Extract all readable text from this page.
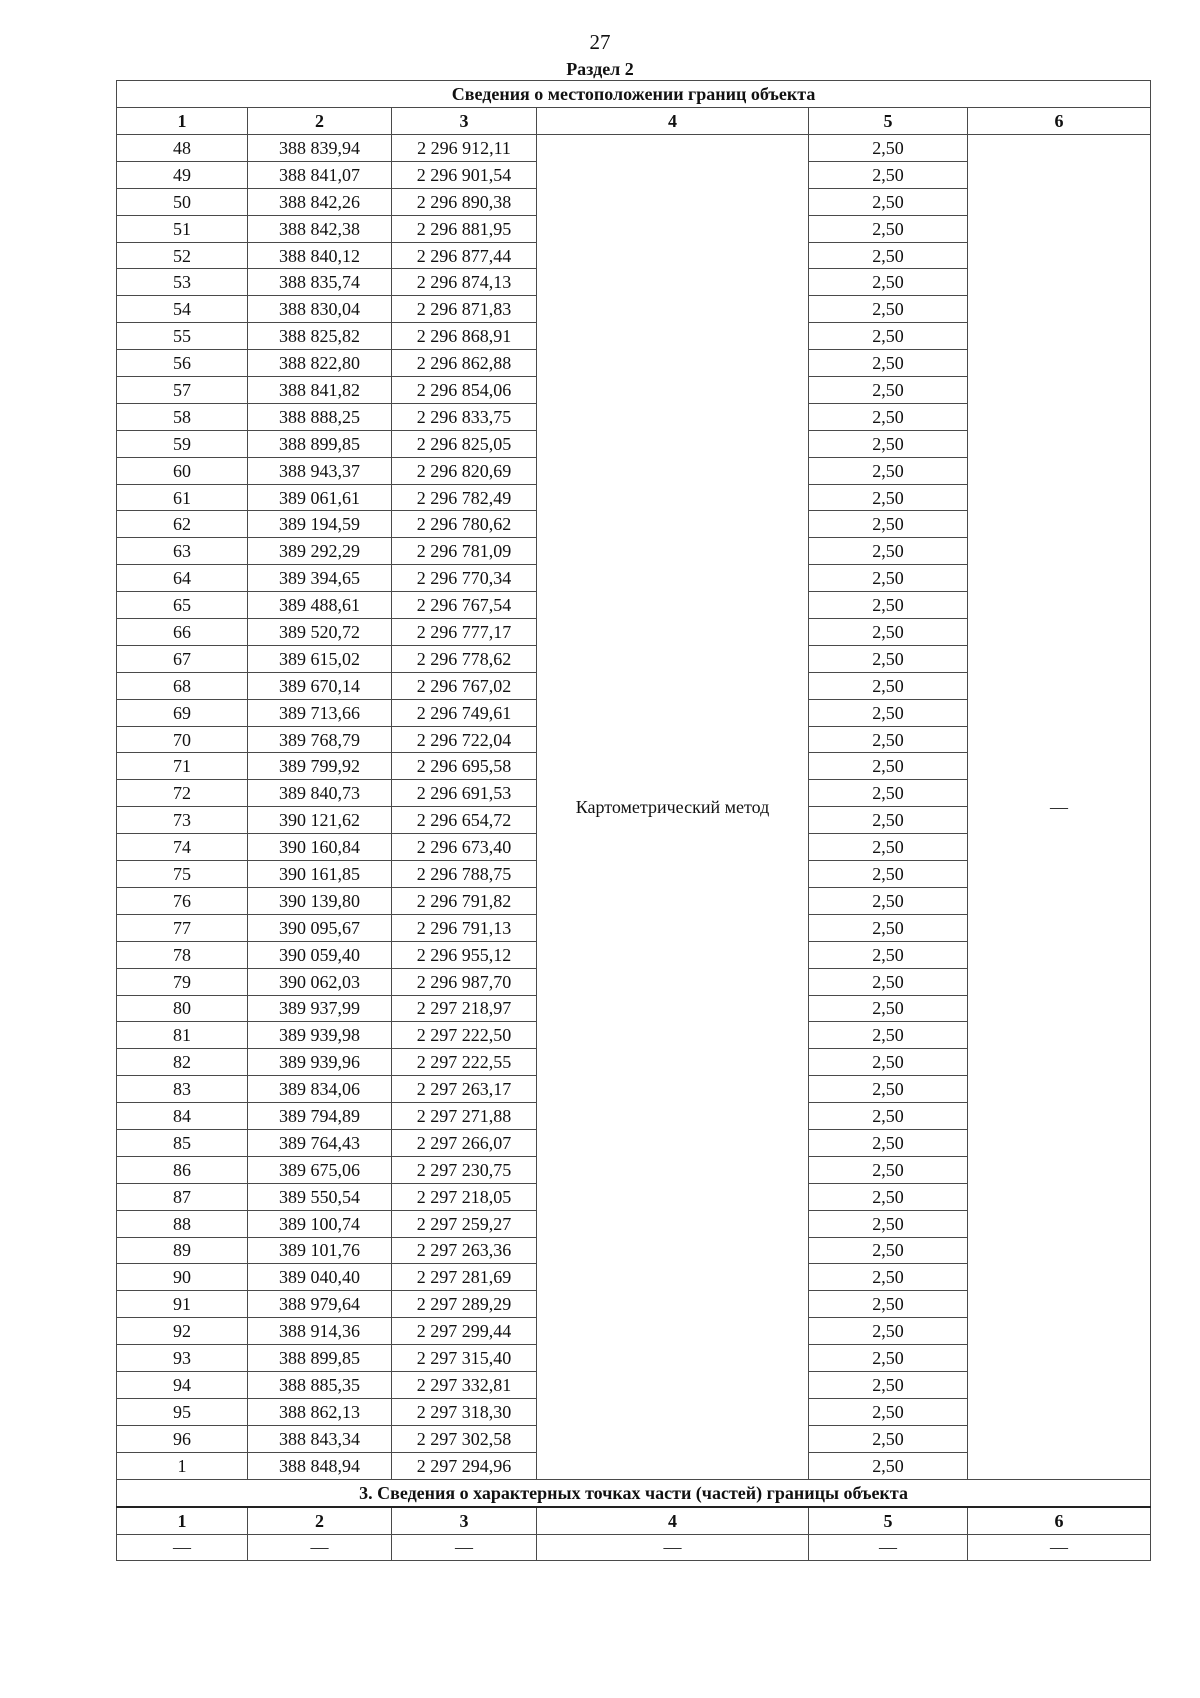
27
Раздел 2
Сведения о местоположении границ объекта					
1	2	3	4	5	6
48	388 839,94	2 296 912,11	Картометрический метод	2,50	—
49	388 841,07	2 296 901,54		2,50	
50	388 842,26	2 296 890,38		2,50	
51	388 842,38	2 296 881,95		2,50	
52	388 840,12	2 296 877,44		2,50	
53	388 835,74	2 296 874,13		2,50	
54	388 830,04	2 296 871,83		2,50	
55	388 825,82	2 296 868,91		2,50	
56	388 822,80	2 296 862,88		2,50	
57	388 841,82	2 296 854,06		2,50	
58	388 888,25	2 296 833,75		2,50	
59	388 899,85	2 296 825,05		2,50	
60	388 943,37	2 296 820,69		2,50	
61	389 061,61	2 296 782,49		2,50	
62	389 194,59	2 296 780,62		2,50	
63	389 292,29	2 296 781,09		2,50	
64	389 394,65	2 296 770,34		2,50	
65	389 488,61	2 296 767,54		2,50	
66	389 520,72	2 296 777,17		2,50	
67	389 615,02	2 296 778,62		2,50	
68	389 670,14	2 296 767,02		2,50	
69	389 713,66	2 296 749,61		2,50	
70	389 768,79	2 296 722,04		2,50	
71	389 799,92	2 296 695,58		2,50	
72	389 840,73	2 296 691,53		2,50	
73	390 121,62	2 296 654,72		2,50	
74	390 160,84	2 296 673,40		2,50	
75	390 161,85	2 296 788,75		2,50	
76	390 139,80	2 296 791,82		2,50	
77	390 095,67	2 296 791,13		2,50	
78	390 059,40	2 296 955,12		2,50	
79	390 062,03	2 296 987,70		2,50	
80	389 937,99	2 297 218,97		2,50	
81	389 939,98	2 297 222,50		2,50	
82	389 939,96	2 297 222,55		2,50	
83	389 834,06	2 297 263,17		2,50	
84	389 794,89	2 297 271,88		2,50	
85	389 764,43	2 297 266,07		2,50	
86	389 675,06	2 297 230,75		2,50	
87	389 550,54	2 297 218,05		2,50	
88	389 100,74	2 297 259,27		2,50	
89	389 101,76	2 297 263,36		2,50	
90	389 040,40	2 297 281,69		2,50	
91	388 979,64	2 297 289,29		2,50	
92	388 914,36	2 297 299,44		2,50	
93	388 899,85	2 297 315,40		2,50	
94	388 885,35	2 297 332,81		2,50	
95	388 862,13	2 297 318,30		2,50	
96	388 843,34	2 297 302,58		2,50	
1	388 848,94	2 297 294,96		2,50	
3. Сведения о характерных точках части (частей) границы объекта					
1	2	3	4	5	6
—	—	—	—	—	—
